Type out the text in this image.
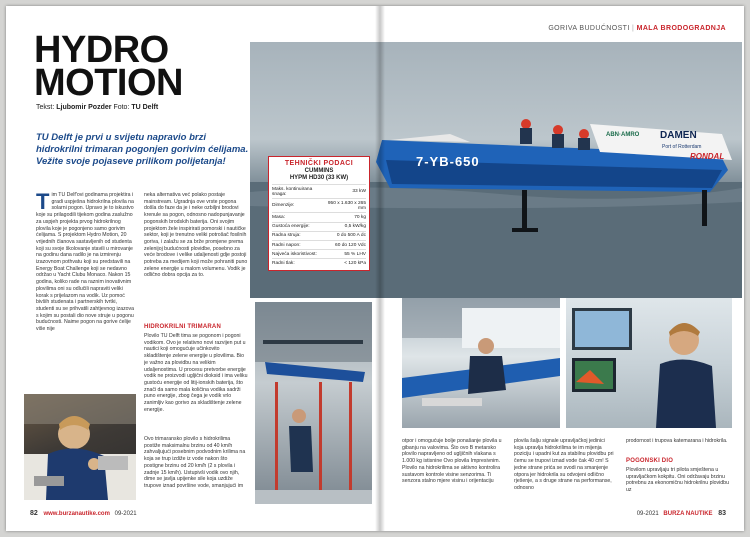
HYDRO
MOTION
Tekst: Ljubomir Pozder Foto: TU Delft
TU Delft je prvi u svijetu napravio brzi hidrokrilni trimaran pogonjen gorivim ćelijama. Vežite svoje pojaseve prilikom polijetanja!
Tim TU Delf'ovi godinama projektira i gradi uspješna hidrokrilna plovila na solarni pogon. Upravo je to iskustvo koje su prilagodili tijekom godina zaslužno za uspjeh projekta prvog hidrokrilnog plovila koje je pogonjeno samo gorivim ćelijama. S projektom Hydro Motion, 20 vrijednih članova sastavljenih od studenta koji su svoje školovanje stavili u mirovanje na godinu dana radilo je na izmirenju izazovnom pothvatu koji su predstavili na Energy Boat Challenge koji se nedavno održao u Yacht Clubu Monaco. Nakon 15 godina, koliko rade na raznim inovativnim plovilima oni su odlučili napraviti veliki korak s prijelazom na vodik. Uz pomoć bivših studenata i partnerskih tvrtki, studenti su se prihvatili zahtjevnog izazova s kojim su postali dio nove struje u pogonu budućnosti. Naime pogon na gorive ćelije više nije
neka alternativa već polako postaje mainstream. Ugradnja ove vrste pogona došla do faze da je i neke ozbiljni brodovi krenule sa pogon, odnosno nadopunjavanje pogonskih brodskih baterija. Oni svojim projektom žele inspirirati pomorski i nautičke sektor, koji je trenutno veliki potrošač fosilnih goriva, i zalažu se za brže promjene prema zelenijoj budućnosti plovidbe, posebno za veće brodove i velike udaljenosti gdje postoji potreba za medijem koji može pohraniti puno zelene energije u malom volumenu. Vodik je odlično dobra opcija za to.
HIDROKRILNI TRIMARAN
Plovilo TU Delft tima se pogonom i pogoni vodikom. Ovo je relativno novi razvijen put u nautici koji omogućuje učinkovito skladištenje zelene energije u plovilima. Bio je važno za plovidbu na velikim udaljenostima. U procesu pretvorbe energije vodik ne proizvodi ugljični dioksid i ima veliku gustoću energije od litij-ionskih baterija, što znači da samo mala količina vodika sadrži puno energije, zbog čega je vodik vrlo zanimljiv kao gorivo za skladištenje zelene energije.
Ovo trimaransko plovilo s hidrokrilima postiže maksimalnu brzinu od 40 km/h zahvaljujući posebnim podvodnim krilima na koja se trup izdiže iz vode nakon što postigne brzinu od 20 km/h (2 s plovila i zadnje 15 km/h). Ustupivši vodik ovo njih, dime se javlja upijenke sile koja uzdiže trupove iznad površine vode, smanjujući im
7-YB-650
ABN·AMRO DAMEN
Port of Rotterdam
RONDAL
TEHNIČKI PODACI
CUMMINS
HYPM HD30 (33 KW)
Maks. kontinuirana snaga:	33 kW
Dimenzije:	950 x 1.630 x 265 mm
Masa:	70 kg
Gustoća energije:	0,5 kW/kg
Radna struja:	0 do 500 A dc
Radni napon:	60 do 120 Vdc
Najveća iskoristivost:	55 % LHV
Radni tlak:	< 120 kPa
82 www.burzanautike.com 09-2021
GORIVA BUDUĆNOSTI | MALA BRODOGRADNJA
otpor i omogućuje bolje ponašanje plovila u gibanju na valovima. Što ovo B metarsko plovilo napravljeno od ugljičnih vlakana s 1.000 kg istisnine Ovo plovila Impresivnim. Plovilo na hidrokrilima se aktivno kontrolira sustavom kontrole visine senzorima. Ti senzora stalno mjere visinu i orijentaciju
plovila šalju signale upravljačkoj jedinici koja upravlja hidrokrilima te im mijenja poziciju i upadni kut za stabilnu plovidbu pri čemu se trupovi iznad vode čak 40 cm! S jedne strane prića se svodi na smanjenje otpora jer hidrokrila su odvojeni odlično rješenje, a s druge strane na performanse, odnosno
prodornost i trupova katemarana i hidrokrila.
POGONSKI DIO
Plovilom upravljaju tri pilota smještena u upravljačkom kokpitu. Oni održavaju brzinu potrebnu za ekonomičnu hidrokrilnu plovidbu uz
09-2021 BURZA NAUTIKE 83
